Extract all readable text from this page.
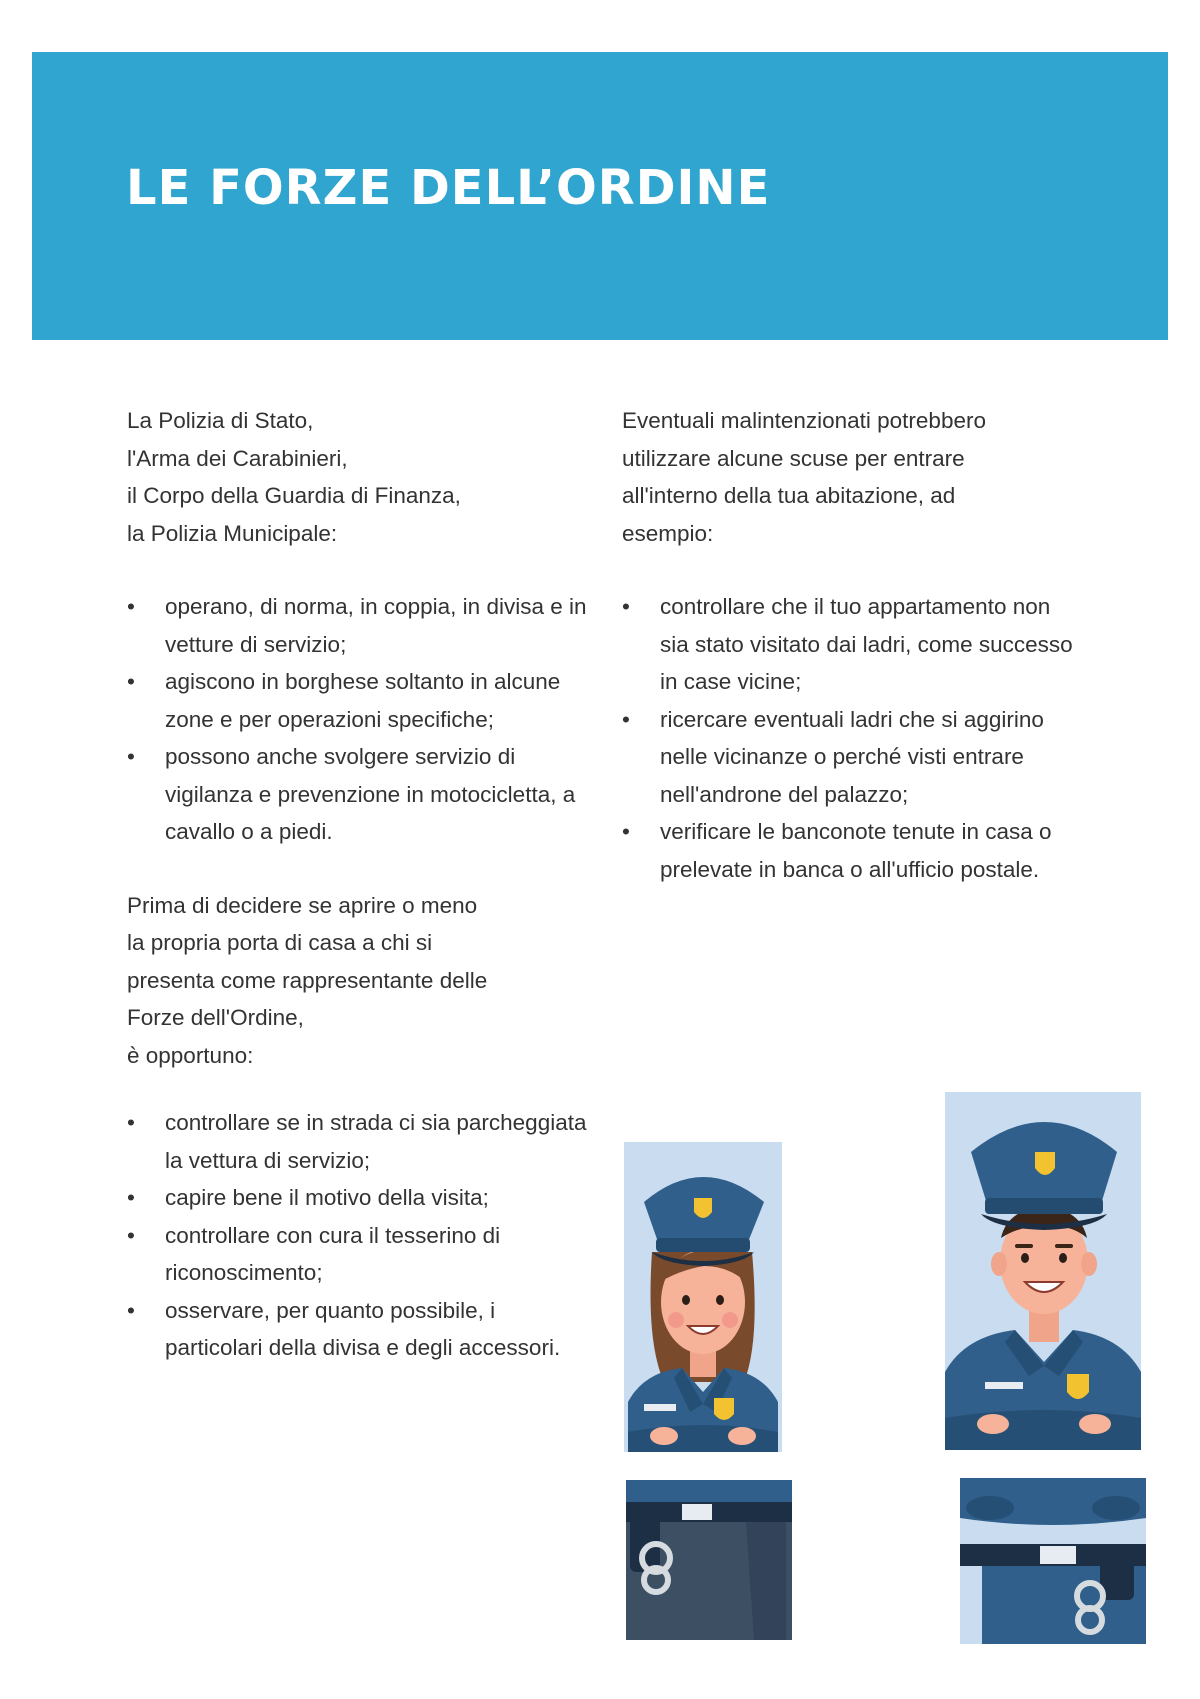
LE FORZE DELL’ORDINE

La Polizia di Stato,

l'Arma dei Carabinieri,

il Corpo della Guardia di Finanza,

la Polizia Municipale:

• operano, di norma, in coppia, in divisa e in vetture di servizio;
• agiscono in borghese soltanto in alcune zone e per operazioni specifiche;
• possono anche svolgere servizio di vigilanza e prevenzione in motocicletta, a cavallo o a piedi.

Prima di decidere se aprire o meno

la propria porta di casa a chi si

presenta come rappresentante delle

Forze dell'Ordine,

è opportuno:

• controllare se in strada ci sia parcheggiata la vettura di servizio;
• capire bene il motivo della visita;
• controllare con cura il tesserino di riconoscimento;
• osservare, per quanto possibile, i particolari della divisa e degli accessori.

Eventuali malintenzionati potrebbero

utilizzare alcune scuse per entrare

all'interno della tua abitazione, ad

esempio:

• controllare che il tuo appartamento non sia stato visitato dai ladri, come successo in case vicine;
• ricercare eventuali ladri che si aggirino nelle vicinanze o perché visti entrare nell'androne del palazzo;
• verificare le banconote tenute in casa o prelevate in banca o all'ufficio postale.
